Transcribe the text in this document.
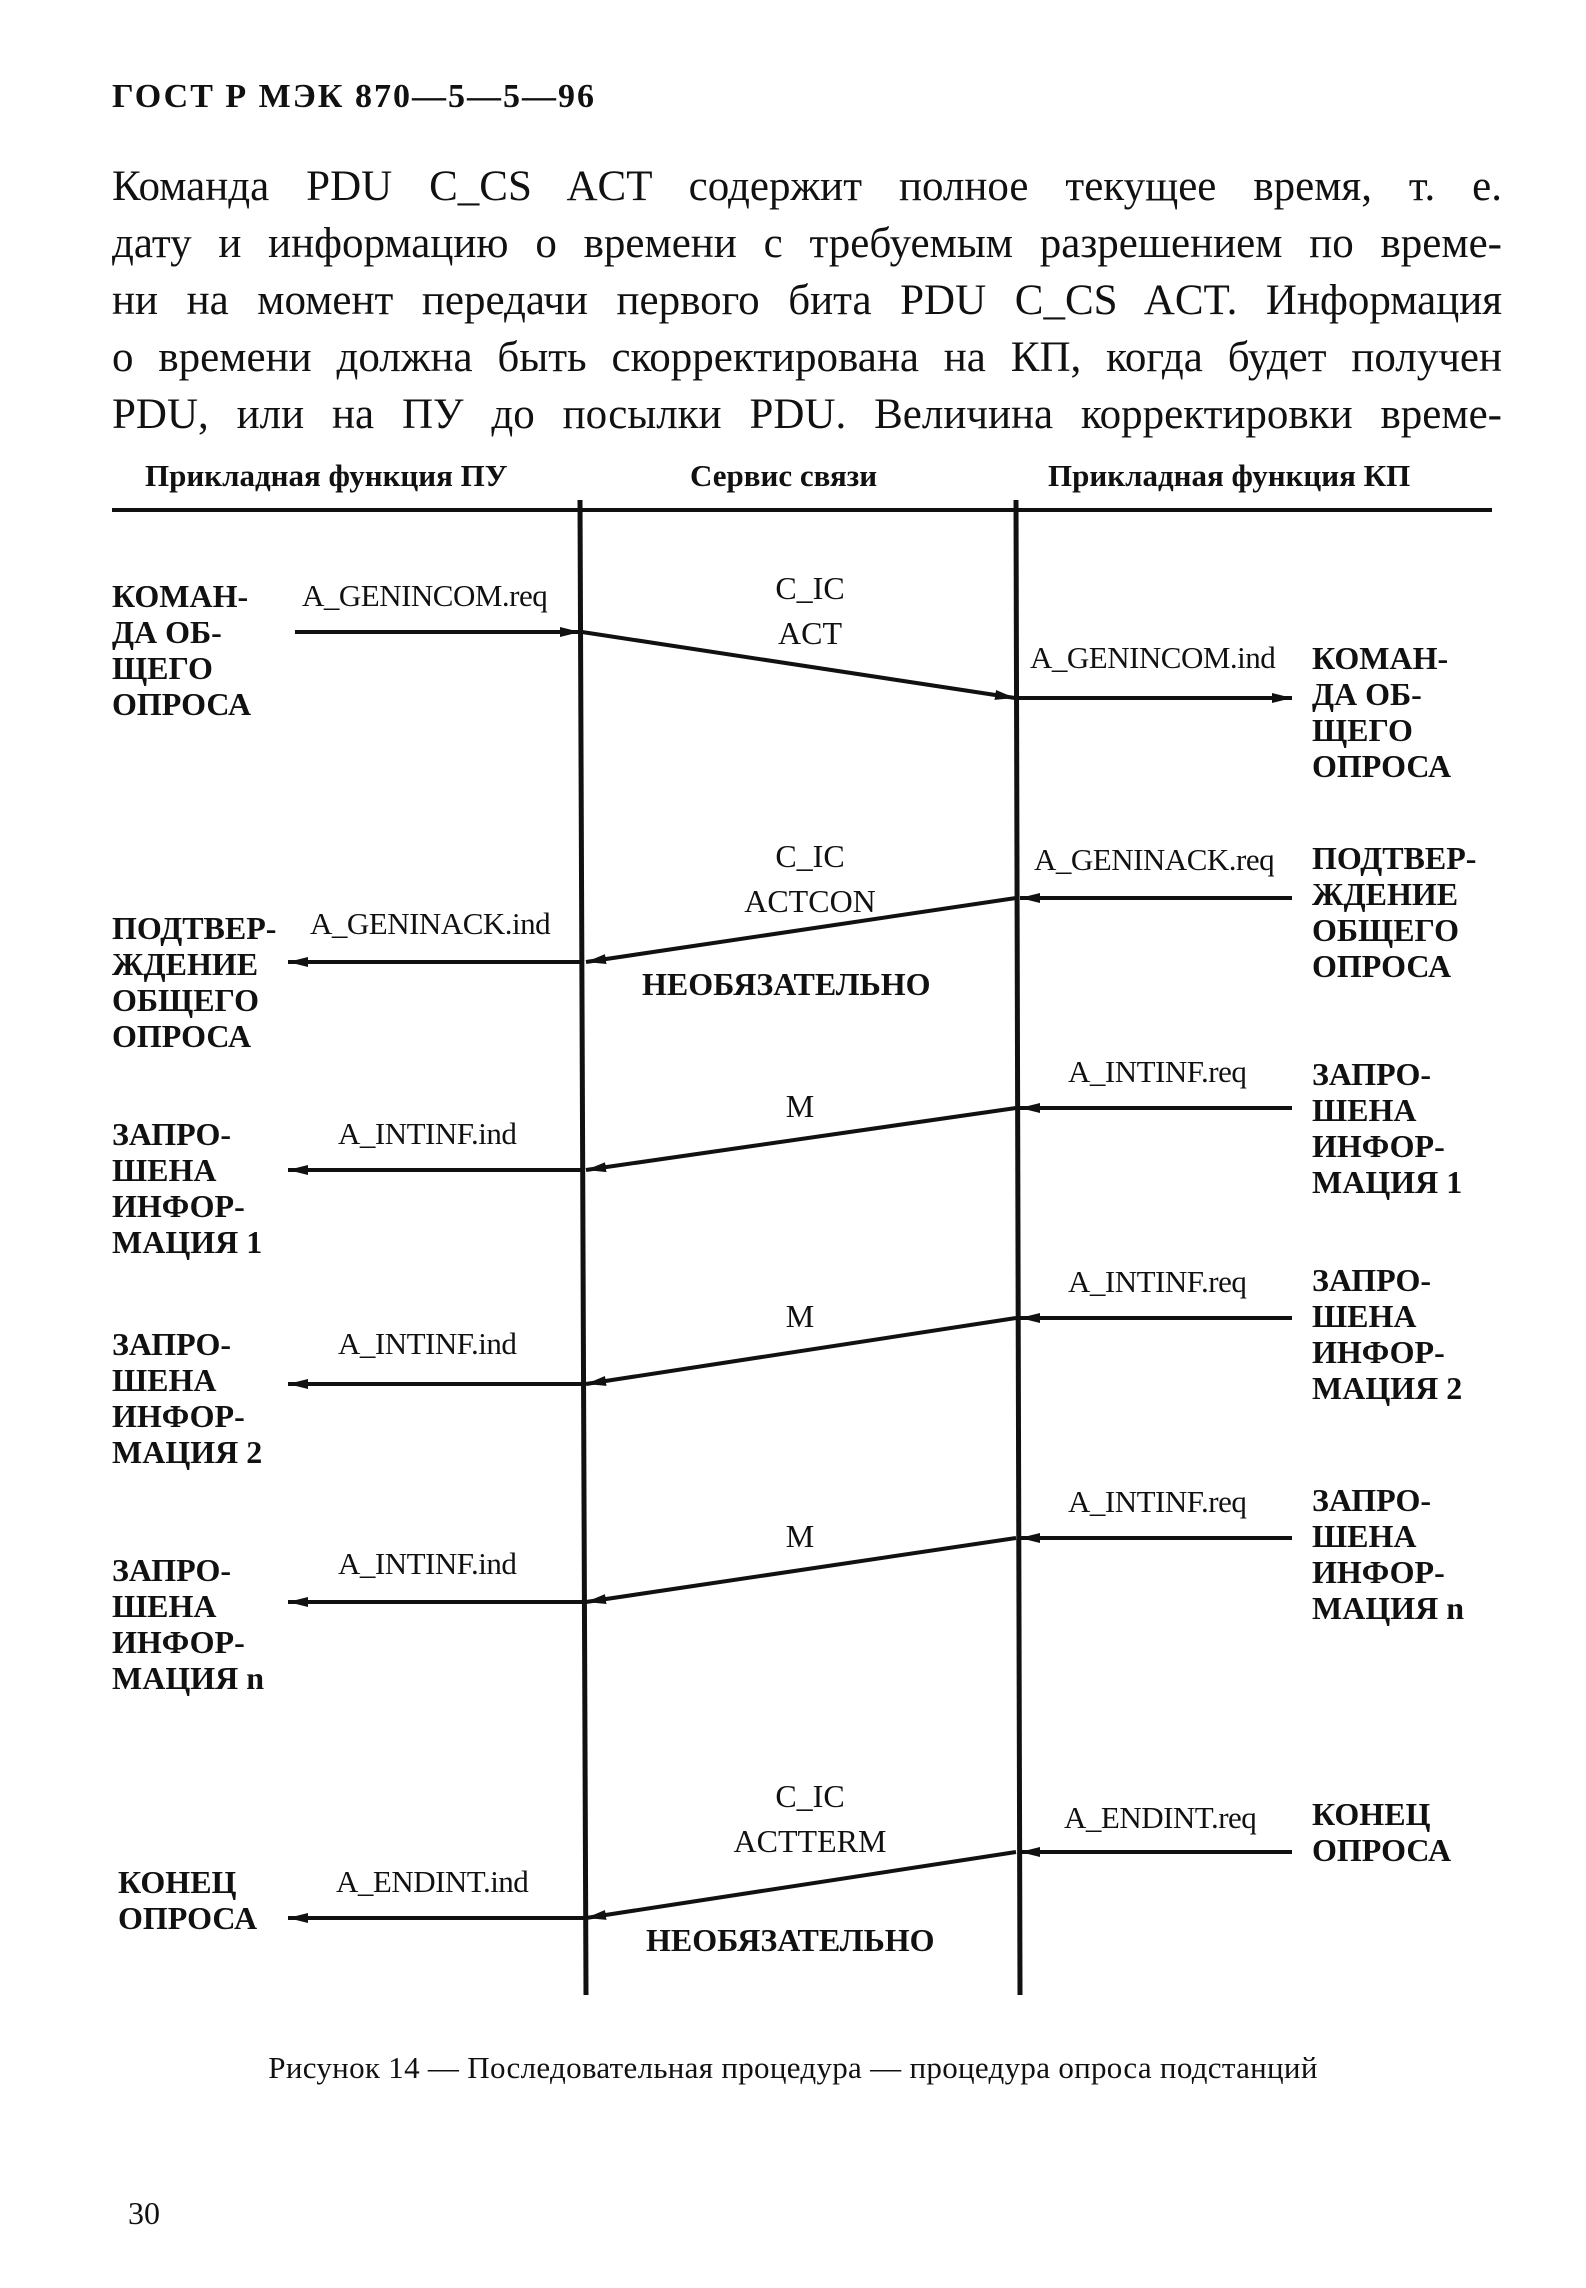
ГОСТ Р МЭК 870—5—5—96
Команда PDU C_CS ACT содержит полное текущее время, т. е.
дату и информацию о времени с требуемым разрешением по време-
ни на момент передачи первого бита PDU C_CS ACT. Информация
о времени должна быть скорректирована на КП, когда будет получен
PDU, или на ПУ до посылки PDU. Величина корректировки време-
Прикладная функция ПУ	Сервис связи	Прикладная функция КП
КОМАН-
ДА ОБ-
ЩЕГО
ОПРОСА
A_GENINCOM.req	C_IC
ACT
A_GENINCOM.ind КОМАН-
ДА ОБ-
ЩЕГО
ОПРОСА
ПОДТВЕР-
ЖДЕНИЕ
ОБЩЕГО
ОПРОСА
A_GENINACK.req
C_IC
ACTCON
НЕОБЯЗАТЕЛЬНО
A_GENINACK.ind
ПОДТВЕР-
ЖДЕНИЕ
ОБЩЕГО
ОПРОСА
ЗАПРО-
ШЕНА
ИНФОР-
МАЦИЯ 1
A_INTINF.req
M
A_INTINF.ind
ЗАПРО-
ШЕНА
ИНФОР-
МАЦИЯ 1
ЗАПРО-
ШЕНА
ИНФОР-
МАЦИЯ 2
A_INTINF.req
M
A_INTINF.ind
ЗАПРО-
ШЕНА
ИНФОР-
МАЦИЯ 2
ЗАПРО-
ШЕНА
ИНФОР-
МАЦИЯ n
A_INTINF.req
M
A_INTINF.ind
ЗАПРО-
ШЕНА
ИНФОР-
МАЦИЯ n
КОНЕЦ
ОПРОСА
A_ENDINT.req
C_IC
ACTTERM
НЕОБЯЗАТЕЛЬНО
A_ENDINT.ind
КОНЕЦ
ОПРОСА
Рисунок 14 — Последовательная процедура — процедура опроса подстанций
30
